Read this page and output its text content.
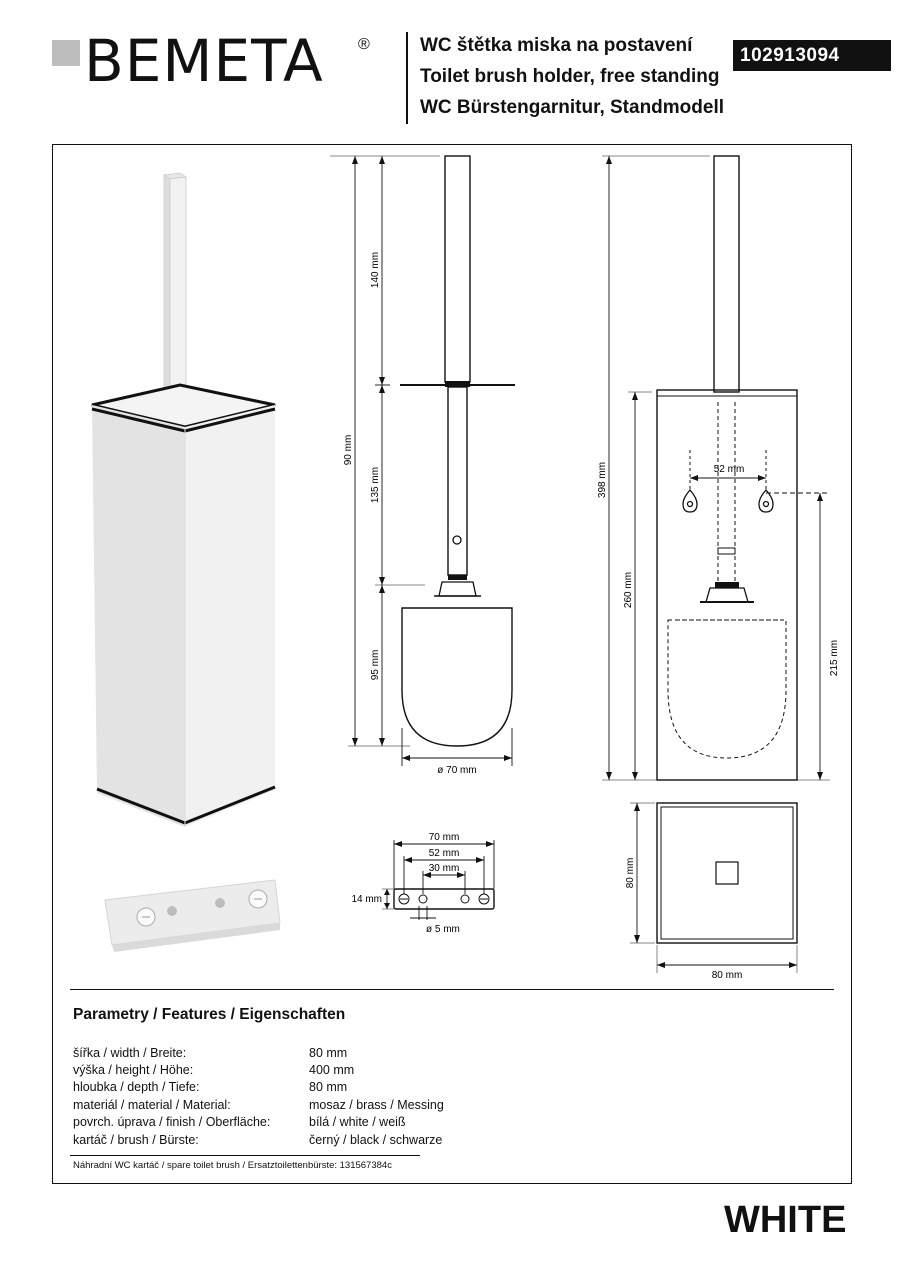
BEMETA ®	WC štětka miska na postavení
Toilet brush holder, free standing
WC Bürstengarnitur, Standmodell
102913094
90 mm
140 mm
135 mm
95 mm
ø 70 mm
398 mm
260 mm
52 mm
215 mm
70 mm
52 mm
30 mm
14 mm
ø 5 mm
80 mm
80 mm
Parametry / Features / Eigenschaften
šířka / width / Breite:	80 mm
výška / height / Höhe:	400 mm
hloubka / depth / Tiefe:	80 mm
materiál / material / Material:	mosaz / brass / Messing
povrch. úprava / finish / Oberfläche:	bílá / white / weiß
kartáč / brush / Bürste:	černý / black / schwarze
Náhradní WC kartáč / spare toilet brush / Ersatztoilettenbürste: 131567384c
WHITE
